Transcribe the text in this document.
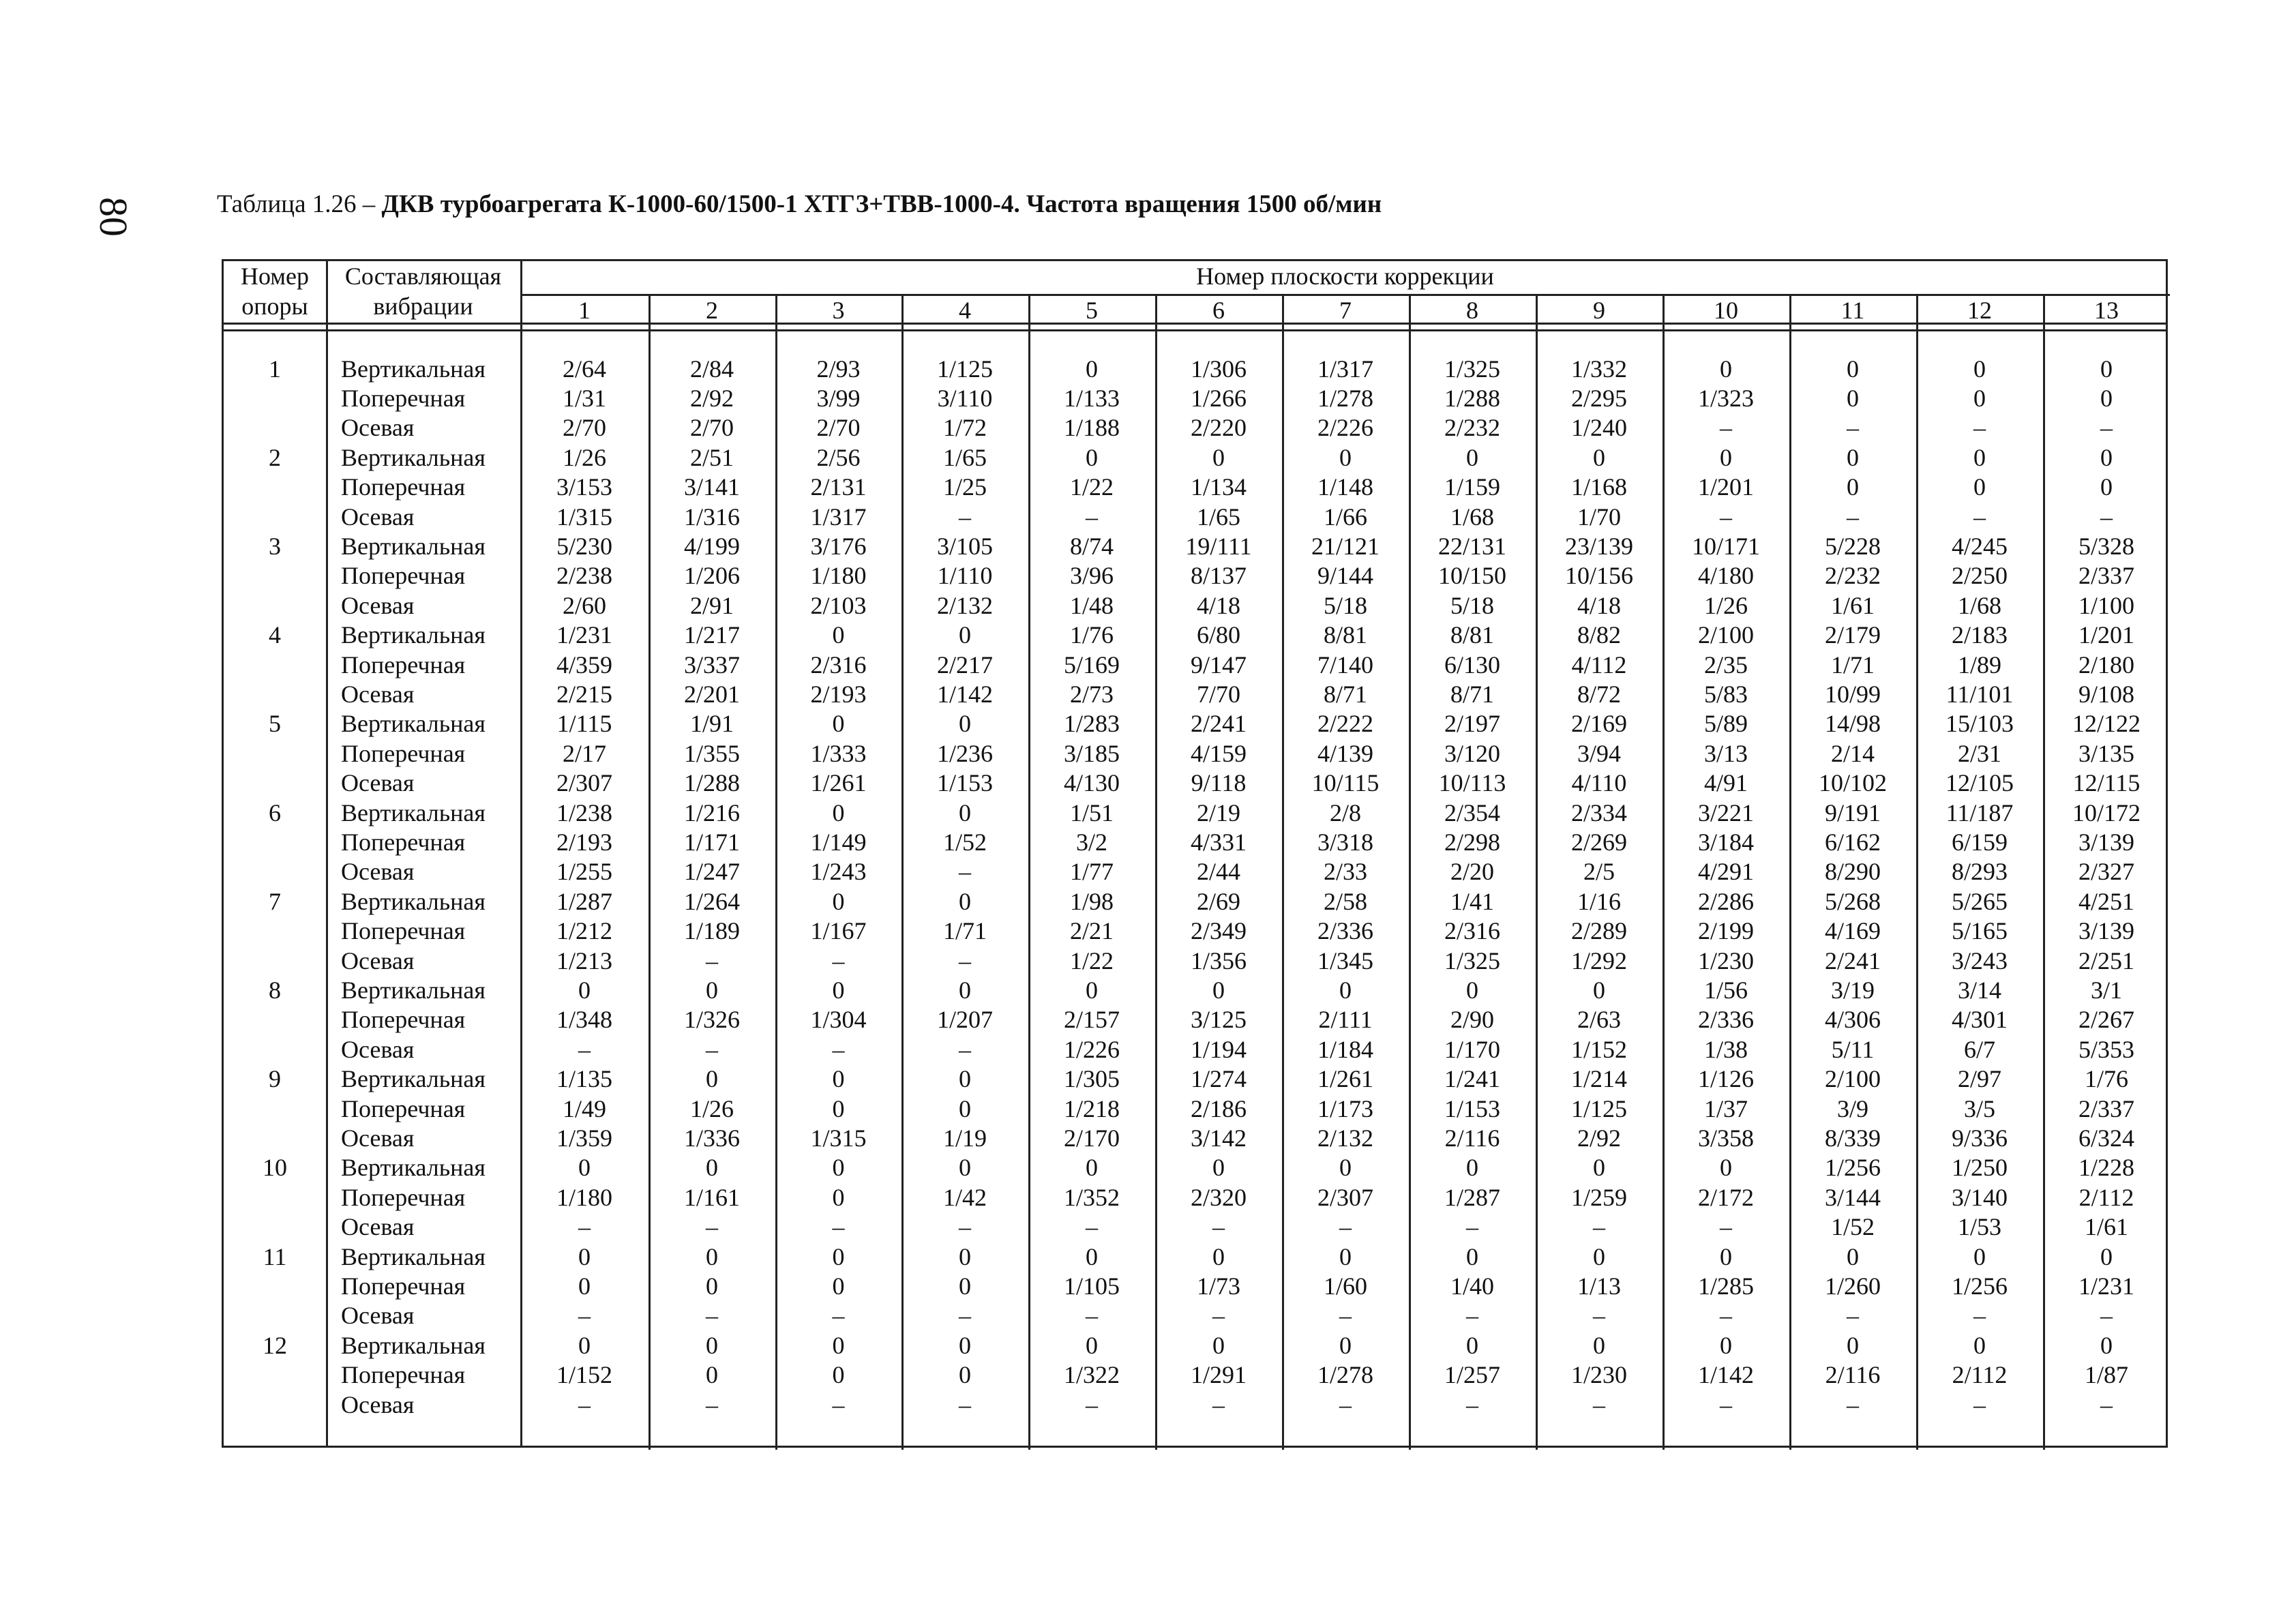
80	Таблица 1.26 – ДКВ турбоагрегата К-1000-60/1500-1 ХТГЗ+ТВВ-1000-4. Частота вращения 1500 об/мин
Номер
опоры
Составляющая
вибрации
Номер плоскости коррекции
1	2	3	4	5	6	7	8	9	10	11	12	13
1	Вертикальная	2/64	2/84	2/93	1/125	0	1/306	1/317	1/325	1/332	0	0	0	0
Поперечная	1/31	2/92	3/99	3/110	1/133	1/266	1/278	1/288	2/295	1/323	0	0	0
Осевая	2/70	2/70	2/70	1/72	1/188	2/220	2/226	2/232	1/240	–	–	–	–
2	Вертикальная	1/26	2/51	2/56	1/65	0	0	0	0	0	0	0	0	0
Поперечная	3/153	3/141	2/131	1/25	1/22	1/134	1/148	1/159	1/168	1/201	0	0	0
Осевая	1/315	1/316	1/317	–	–	1/65	1/66	1/68	1/70	–	–	–	–
3	Вертикальная	5/230	4/199	3/176	3/105	8/74	19/111	21/121	22/131	23/139	10/171	5/228	4/245	5/328
Поперечная	2/238	1/206	1/180	1/110	3/96	8/137	9/144	10/150	10/156	4/180	2/232	2/250	2/337
Осевая	2/60	2/91	2/103	2/132	1/48	4/18	5/18	5/18	4/18	1/26	1/61	1/68	1/100
4	Вертикальная	1/231	1/217	0	0	1/76	6/80	8/81	8/81	8/82	2/100	2/179	2/183	1/201
Поперечная	4/359	3/337	2/316	2/217	5/169	9/147	7/140	6/130	4/112	2/35	1/71	1/89	2/180
Осевая	2/215	2/201	2/193	1/142	2/73	7/70	8/71	8/71	8/72	5/83	10/99	11/101	9/108
5	Вертикальная	1/115	1/91	0	0	1/283	2/241	2/222	2/197	2/169	5/89	14/98	15/103	12/122
Поперечная	2/17	1/355	1/333	1/236	3/185	4/159	4/139	3/120	3/94	3/13	2/14	2/31	3/135
Осевая	2/307	1/288	1/261	1/153	4/130	9/118	10/115	10/113	4/110	4/91	10/102	12/105	12/115
6	Вертикальная	1/238	1/216	0	0	1/51	2/19	2/8	2/354	2/334	3/221	9/191	11/187	10/172
Поперечная	2/193	1/171	1/149	1/52	3/2	4/331	3/318	2/298	2/269	3/184	6/162	6/159	3/139
Осевая	1/255	1/247	1/243	–	1/77	2/44	2/33	2/20	2/5	4/291	8/290	8/293	2/327
7	Вертикальная	1/287	1/264	0	0	1/98	2/69	2/58	1/41	1/16	2/286	5/268	5/265	4/251
Поперечная	1/212	1/189	1/167	1/71	2/21	2/349	2/336	2/316	2/289	2/199	4/169	5/165	3/139
Осевая	1/213	–	–	–	1/22	1/356	1/345	1/325	1/292	1/230	2/241	3/243	2/251
8	Вертикальная	0	0	0	0	0	0	0	0	0	1/56	3/19	3/14	3/1
Поперечная	1/348	1/326	1/304	1/207	2/157	3/125	2/111	2/90	2/63	2/336	4/306	4/301	2/267
Осевая	–	–	–	–	1/226	1/194	1/184	1/170	1/152	1/38	5/11	6/7	5/353
9	Вертикальная	1/135	0	0	0	1/305	1/274	1/261	1/241	1/214	1/126	2/100	2/97	1/76
Поперечная	1/49	1/26	0	0	1/218	2/186	1/173	1/153	1/125	1/37	3/9	3/5	2/337
Осевая	1/359	1/336	1/315	1/19	2/170	3/142	2/132	2/116	2/92	3/358	8/339	9/336	6/324
10	Вертикальная	0	0	0	0	0	0	0	0	0	0	1/256	1/250	1/228
Поперечная	1/180	1/161	0	1/42	1/352	2/320	2/307	1/287	1/259	2/172	3/144	3/140	2/112
Осевая	–	–	–	–	–	–	–	–	–	–	1/52	1/53	1/61
11	Вертикальная	0	0	0	0	0	0	0	0	0	0	0	0	0
Поперечная	0	0	0	0	1/105	1/73	1/60	1/40	1/13	1/285	1/260	1/256	1/231
Осевая	–	–	–	–	–	–	–	–	–	–	–	–	–
12	Вертикальная	0	0	0	0	0	0	0	0	0	0	0	0	0
Поперечная	1/152	0	0	0	1/322	1/291	1/278	1/257	1/230	1/142	2/116	2/112	1/87
Осевая	–	–	–	–	–	–	–	–	–	–	–	–	–
